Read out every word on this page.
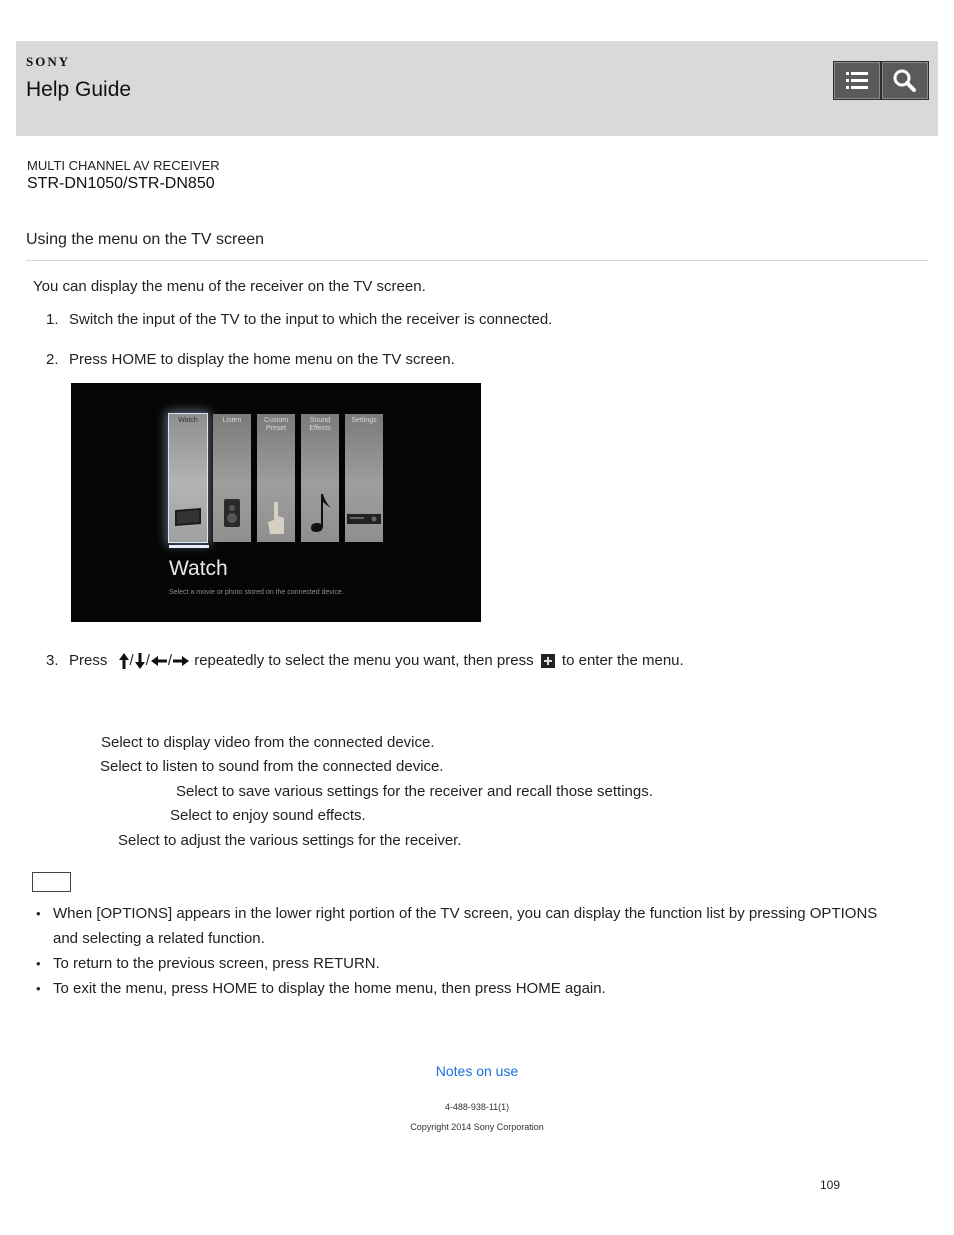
SONY
Help Guide
MULTI CHANNEL AV RECEIVER
STR-DN1050/STR-DN850
Using the menu on the TV screen
You can display the menu of the receiver on the TV screen.
1. Switch the input of the TV to the input to which the receiver is connected.
2. Press HOME to display the home menu on the TV screen.
Watch	Listen	Custom Preset
Sound Effects
Settings
Watch
Select a movie or photo stored on the connected device.
3. Press / / / repeatedly to select the menu you want, then press to enter the menu.
Select to display video from the connected device.
Select to listen to sound from the connected device.
Select to save various settings for the receiver and recall those settings.
Select to enjoy sound effects.
Select to adjust the various settings for the receiver.
• When [OPTIONS] appears in the lower right portion of the TV screen, you can display the function list by pressing OPTIONS and selecting a related function.
• To return to the previous screen, press RETURN.
• To exit the menu, press HOME to display the home menu, then press HOME again.
Notes on use
4-488-938-11(1)
Copyright 2014 Sony Corporation
109
